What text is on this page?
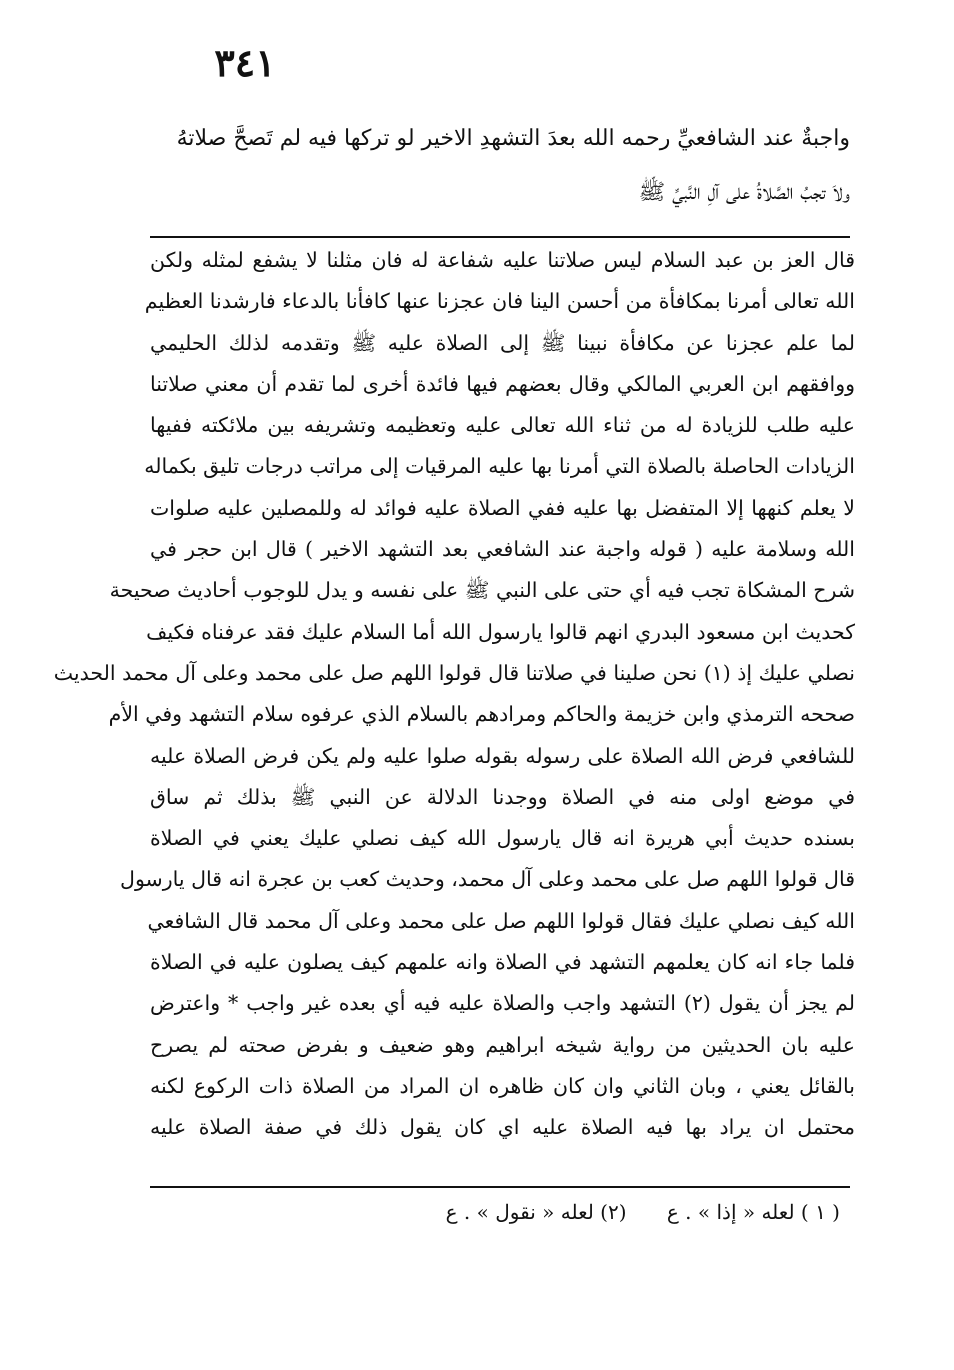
٣٤١

واجبةٌ عند الشافعيِّ رحمه الله بعدَ التشهدِ الاخير لو تركها فيه لم تَصحَّ صلاتهُ

ولاَ تجبُ الصَّلاةُ على آلِ النَّبيِّ ﷺ

قال العز بن عبد السلام ليس صلاتنا عليه شفاعة له فان مثلنا لا يشفع لمثله ولكن

الله تعالى أمرنا بمكافأة من أحسن الينا فان عجزنا عنها كافأنا بالدعاء فارشدنا العظيم

لما علم عجزنا عن مكافأة نبينا ﷺ إلى الصلاة عليه ﷺ وتقدمه لذلك الحليمي

ووافقهم ابن العربي المالكي وقال بعضهم فيها فائدة أخرى لما تقدم أن معني صلاتنا

عليه طلب للزيادة له من ثناء الله تعالى عليه وتعظيمه وتشريفه بين ملائكته ففيها

الزيادات الحاصلة بالصلاة التي أمرنا بها عليه المرقيات إلى مراتب درجات تليق بكماله

لا يعلم كنهها إلا المتفضل بها عليه ففي الصلاة عليه فوائد له وللمصلين عليه صلوات

الله وسلامة عليه ( قوله واجبة عند الشافعي بعد التشهد الاخير ) قال ابن حجر في

شرح المشكاة تجب فيه أي حتى على النبي ﷺ على نفسه و يدل للوجوب أحاديث صحيحة

كحديث ابن مسعود البدري انهم قالوا يارسول الله أما السلام عليك فقد عرفناه فكيف

نصلي عليك إذ (١) نحن صلينا في صلاتنا قال قولوا اللهم صل على محمد وعلى آل محمد الحديث

صححه الترمذي وابن خزيمة والحاكم ومرادهم بالسلام الذي عرفوه سلام التشهد وفي الأم

للشافعي فرض الله الصلاة على رسوله بقوله صلوا عليه ولم يكن فرض الصلاة عليه

في موضع اولى منه في الصلاة ووجدنا الدلالة عن النبي ﷺ بذلك ثم ساق

بسنده حديث أبي هريرة انه قال يارسول الله كيف نصلي عليك يعني في الصلاة

قال قولوا اللهم صل على محمد وعلى آل محمد، وحديث كعب بن عجرة انه قال يارسول

الله كيف نصلي عليك فقال قولوا اللهم صل على محمد وعلى آل محمد قال الشافعي

فلما جاء انه كان يعلمهم التشهد في الصلاة وانه علمهم كيف يصلون عليه في الصلاة

لم يجز أن يقول (٢) التشهد واجب والصلاة عليه فيه أي بعده غير واجب * واعترض

عليه بان الحديثين من رواية شيخه ابراهيم وهو ضعيف و بفرض صحته لم يصرح

بالقائل يعني ، وبان الثاني وان كان ظاهره ان المراد من الصلاة ذات الركوع لكنه

محتمل ان يراد بها فيه الصلاة عليه اي كان يقول ذلك في صفة الصلاة عليه

( ١ ) لعله « إذا » . ع (٢) لعله « نقول » . ع
